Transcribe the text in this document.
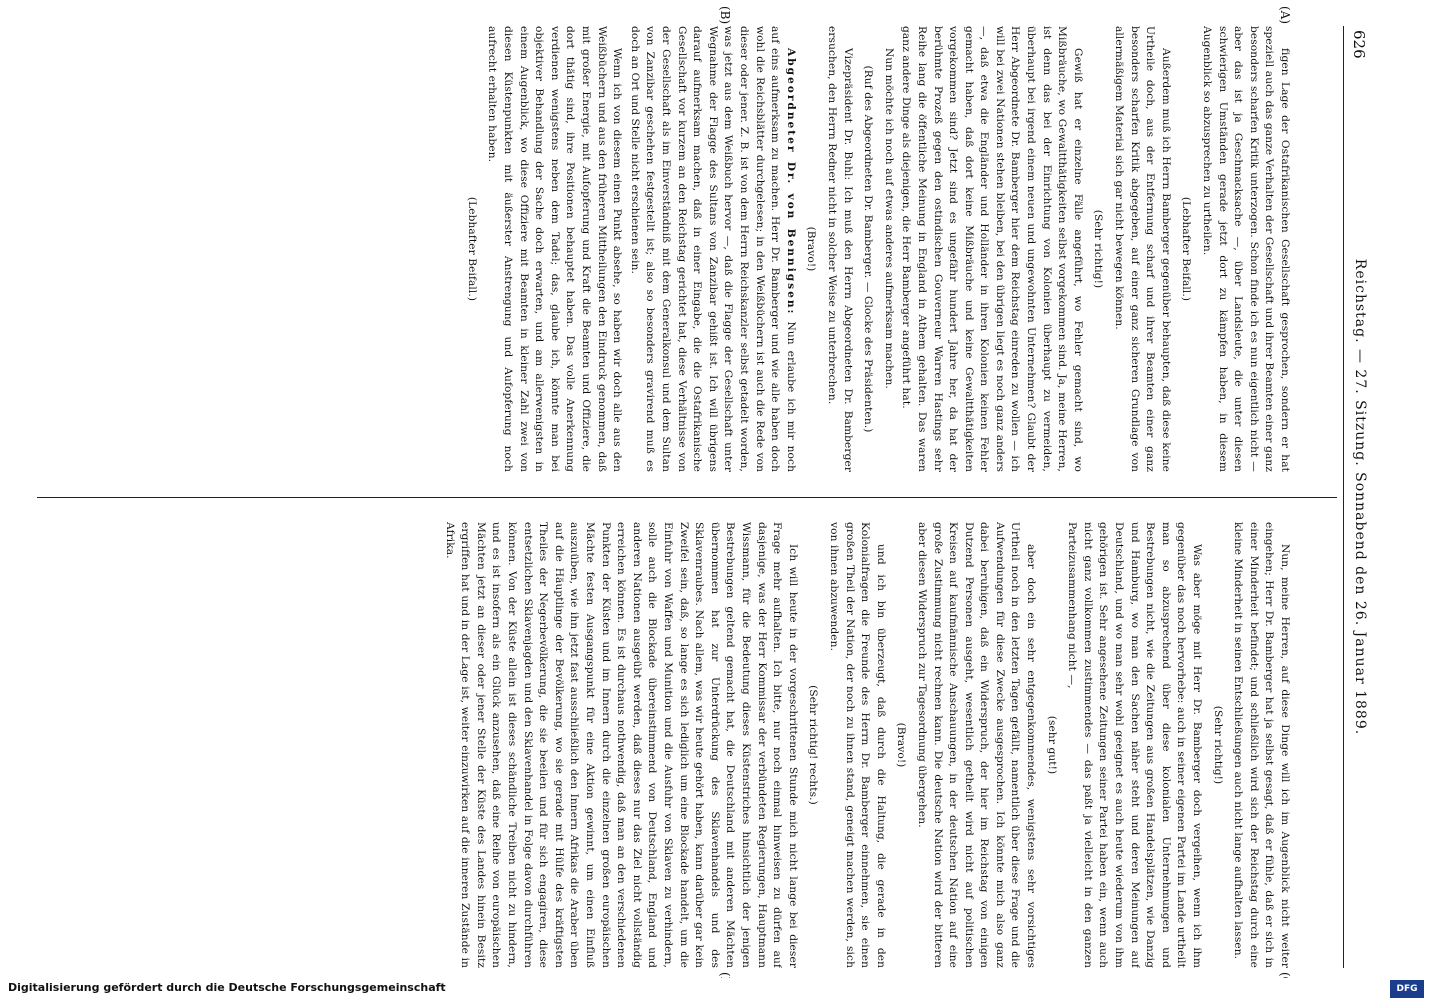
626
Reichstag. — 27. Sitzung. Sonnabend den 26. Januar 1889.
(A)
(B)

figen Lage der Ostafrikanischen Gesellschaft gesprochen, sondern er hat speziell auch das ganze Verhalten der Gesellschaft und ihrer Beamten einer ganz besonders scharfen Kritik unterzogen. Schon finde ich es nun eigentlich nicht — aber das ist ja Geschmacksache —, über Landsleute, die unter diesen schwierigen Umständen gerade jetzt dort zu kämpfen haben, in diesem Augenblick so abzusprechen zu urtheilen.

(Lebhafter Beifall.)

Außerdem muß ich Herrn Bamberger gegenüber behaupten, daß diese keine Urtheile doch, aus der Entfernung scharf und ihrer Beamten einer ganz besonders scharfen Kritik abgegeben, auf einer ganz sicheren Grundlage von allermäßigem Material sich gar nicht bewegen können.

(Sehr richtig!)

Gewiß hat er einzelne Fälle angeführt, wo Fehler gemacht sind, wo Mißbräuche, wo Gewaltthätigkeiten selbst vorgekommen sind. Ja, meine Herren, ist denn das bei der Einrichtung von Kolonien überhaupt zu vermeiden, überhaupt bei irgend einem neuen und ungewohnten Unternehmen? Glaubt der Herr Abgeordnete Dr. Bamberger hier dem Reichstag einreden zu wollen — ich will bei zwei Nationen stehen bleiben, bei den übrigen liegt es noch ganz anders —, daß etwa die Engländer und Holländer in ihren Kolonien keinen Fehler gemacht haben, daß dort keine Mißbräuche und keine Gewaltthätigkeiten vorgekommen sind? Jetzt sind es ungefähr hundert Jahre her, da hat der berühmte Prozeß gegen den ostindischen Gouverneur Warren Hastings sehr Reihe lang die öffentliche Meinung in England in Athem gehalten. Das waren ganz andere Dinge als diejenigen, die Herr Bamberger angeführt hat.

Nun möchte ich noch auf etwas anderes aufmerksam machen.

(Ruf des Abgeordneten Dr. Bamberger. — Glocke des Präsidenten.)

Vizepräsident Dr. Buhl: Ich muß den Herrn Abgeordneten Dr. Bamberger ersuchen, den Herrn Redner nicht in solcher Weise zu unterbrechen.

(Bravo!)

Abgeordneter Dr. von Bennigsen: Nun erlaube ich mir noch auf eins aufmerksam zu machen. Herr Dr. Bamberger und wie alle haben doch wohl die Reichsblätter durchgelesen; in den Weißbüchern ist auch die Rede von dieser oder jener. Z. B. ist von dem Herrn Reichskanzler selbst getadelt worden, was jetzt aus dem Weißbuch hervor —, daß die Flagge der Gesellschaft unter Wegnahme der Flagge des Sultans von Zanzibar gehißt ist. Ich will übrigens darauf aufmerksam machen, daß in einer Eingabe, die die Ostafrikanische Gesellschaft vor kurzem an den Reichstag gerichtet hat, diese Verhältnisse von der Gesellschaft als im Einverständniß mit dem Generalkonsul und dem Sultan von Zanzibar geschehen festgestellt ist; also so besonders gravirend muß es doch an Ort und Stelle nicht erschienen sein.

Wenn ich von diesem einen Punkt absehe, so haben wir doch alle aus den Weißbüchern und aus den früheren Mittheilungen den Eindruck genommen, daß mit großer Energie, mit Aufopferung und Kraft die Beamten und Offiziere, die dort thätig sind, ihre Positionen behauptet haben. Das volle Anerkennung verdienen wenigstens neben dem Tadel; das, glaube ich, könnte man bei objektiver Behandlung der Sache doch erwarten, und am allerwenigsten in einem Augenblick, wo diese Offiziere mit Beamten in kleiner Zahl zwei von diesen Küstenpunkten mit äußerster Anstrengung und Aufopferung noch aufrecht erhalten haben.

(Lebhafter Beifall.)

Nun, meine Herren, auf diese Dinge will ich im Augenblick nicht weiter eingehen; Herr Dr. Bamberger hat ja selbst gesagt, daß er fühle, daß er sich in einer Minderheit befindet; und schließlich wird sich der Reichstag durch eine kleine Minderheit in seinen Entschließungen auch nicht lange aufhalten lassen.

(Sehr richtig!)

Was aber möge mit Herr Dr. Bamberger doch vergeihen, wenn ich ihm gegenüber das noch hervorhebe: auch in seiner eigenen Partei im Lande urtheilt man so abzusprechend über diese kolonialen Unternehmungen und Bestrebungen nicht, wie die Zeitungen aus großen Handelsplätzen, wie Danzig und Hamburg, wo man den Sachen näher steht und deren Meinungen auf Deutschland, und wo man sehr wohl geeignet es auch heute wiederum von ihm gehörigen ist. Sehr angesehene Zeitungen seiner Partei haben ein, wenn auch nicht ganz vollkommen zustimmendes — das paßt ja vielleicht in den ganzen Parteizusammenhang nicht —,

(sehr gut!)

aber doch ein sehr entgegenkommendes, wenigstens sehr vorsichtiges Urtheil noch in den letzten Tagen gefällt, namentlich über diese Frage und die Aufwendungen für diese Zwecke ausgesprochen. Ich könnte mich also ganz dabei beruhigen, daß ein Widerspruch, der hier im Reichstag von einigen Dutzend Personen ausgeht, wesentlich getheilt wird nicht auf politischen Kreisen auf kaufmännische Anschauungen, in der deutschen Nation auf eine große Zustimmung nicht rechnen kann. Die deutsche Nation wird der bitteren aber diesen Widerspruch zur Tagesordnung übergehen.

(Bravo!)

und ich bin überzeugt, daß durch die Haltung, die gerade in den Kolonialfragen die Freunde des Herrn Dr. Bamberger einnehmen, sie einen großen Theil der Nation, der noch zu ihnen stand, geneigt machen werden, sich von ihnen abzuwenden.

(Sehr richtig! rechts.)

Ich will heute in der vorgeschrittenen Stunde mich nicht lange bei dieser Frage mehr aufhalten. Ich bitte, nur noch einmal hinweisen zu dürfen auf dasjenige, was der Herr Kommissar der verbündeten Regierungen, Hauptmann Wissmann, für die Bedeutung dieses Küstenstriches hinsichtlich der jenigen Bestrebungen geltend gemacht hat, die Deutschland mit anderen Mächten übernommen hat zur Unterdrückung des Sklavenhandels und des Sklavenraubes. Nach allem, was wir heute gehört haben, kann darüber gar kein Zweifel sein, daß, so lange es sich lediglich um eine Blockade handelt, um die Einfuhr von Waffen und Munition und die Ausfuhr von Sklaven zu verhindern, solle auch die Blockade übereinstimmend von Deutschland, England und anderen Nationen ausgeübt werden, daß dieses nur das Ziel nicht vollständig erreichen können. Es ist durchaus nothwendig, daß man an den verschiedenen Punkten der Küsten und im Innern durch die einzelnen großen europäischen Mächte festen Ausgangspunkt für eine Aktion gewinnt, um einen Einfluß auszuüben, wie ihn jetzt fast ausschließlich den Innern Afrikas die Araber üben auf die Häuptlinge der Bevölkerung, wo sie gerade mit Hülfe des kräftigsten Theiles der Negerbevölkerung, die sie beeilen und für sich engagiren, diese entsetzlichen Sklavenjagden und den Sklavenhandel in Folge davon durchführen können. Von der Küste allein ist dieses schändliche Treiben nicht zu hindern, und es ist insofern als ein Glück anzusehen, daß eine Reihe von europäischen Mächten jetzt an dieser oder jener Stelle der Küste des Landes hinein Besitz ergriffen hat und in der Lage ist, weiter einzuwirken auf die inneren Zustände in Afrika.

Digitalisierung gefördert durch die Deutsche Forschungsgemeinschaft	DFG
